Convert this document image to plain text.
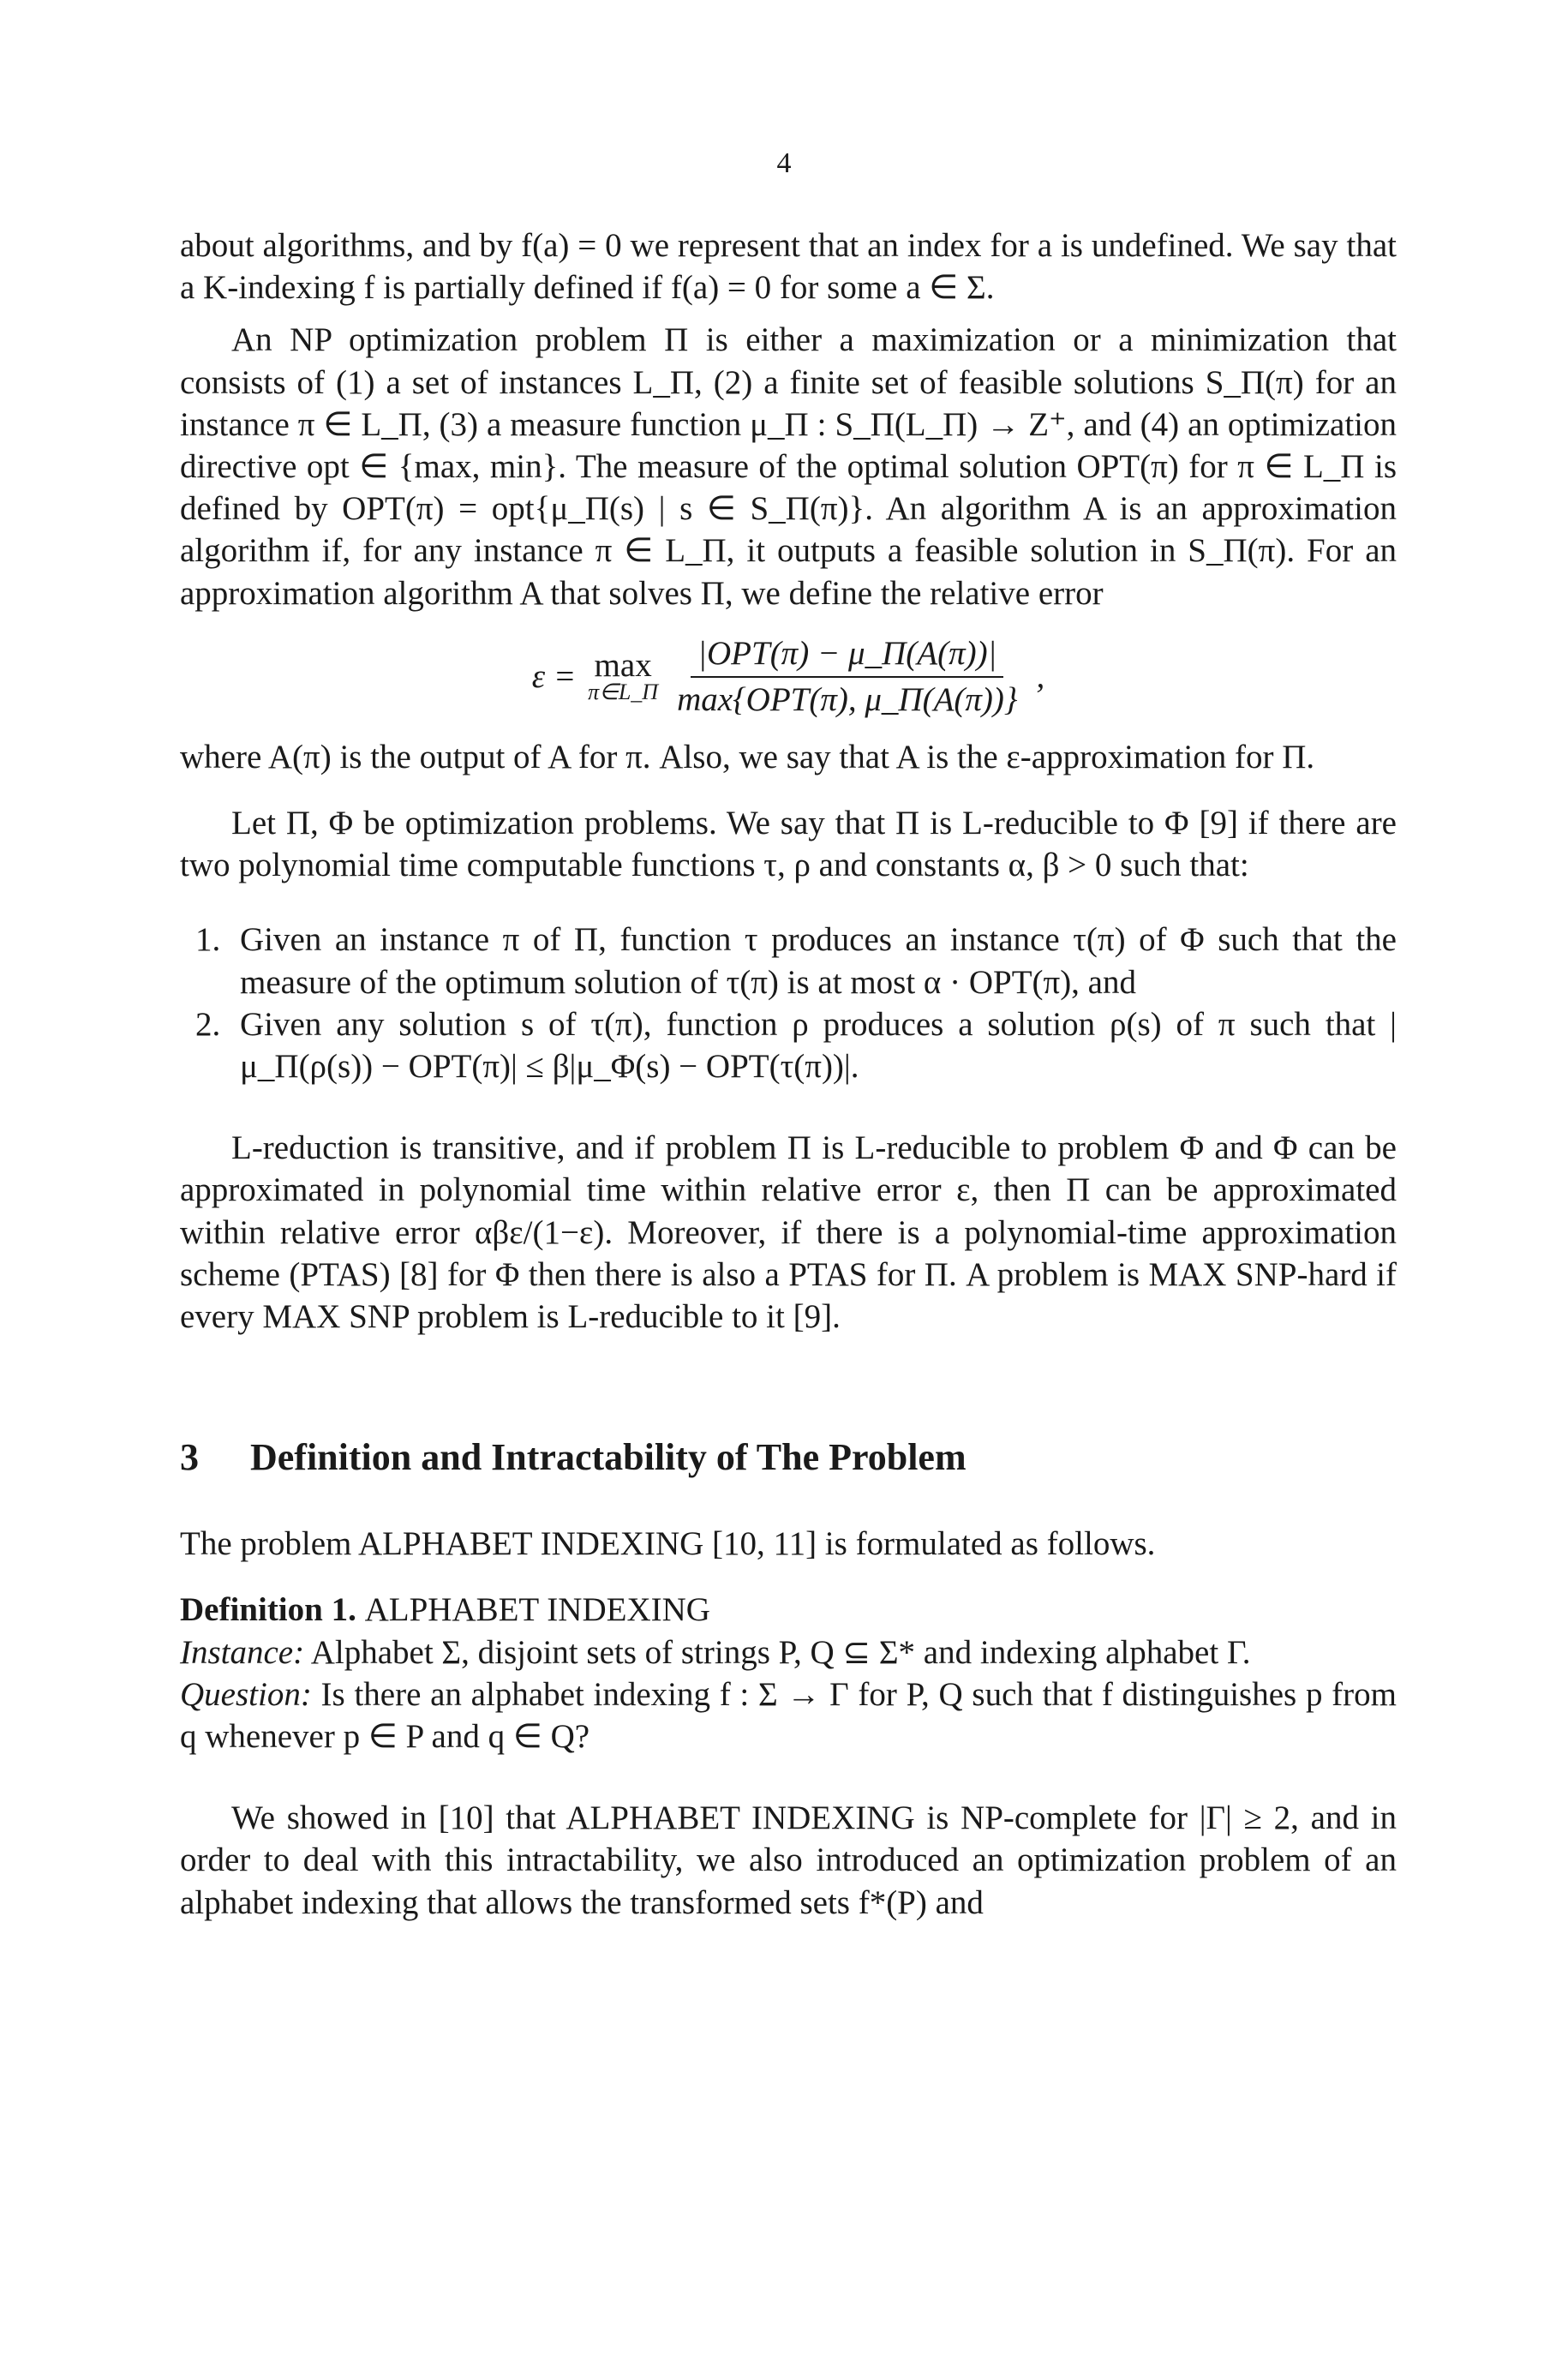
4

about algorithms, and by f(a) = 0 we represent that an index for a is undefined. We say that a K-indexing f is partially defined if f(a) = 0 for some a ∈ Σ.

An NP optimization problem Π is either a maximization or a minimization that consists of (1) a set of instances L_Π, (2) a finite set of feasible solutions S_Π(π) for an instance π ∈ L_Π, (3) a measure function μ_Π : S_Π(L_Π) → Z⁺, and (4) an optimization directive opt ∈ {max, min}. The measure of the optimal solution OPT(π) for π ∈ L_Π is defined by OPT(π) = opt{μ_Π(s) | s ∈ S_Π(π)}. An algorithm A is an approximation algorithm if, for any instance π ∈ L_Π, it outputs a feasible solution in S_Π(π). For an approximation algorithm A that solves Π, we define the relative error

ε = max
π∈L_Π $\frac{\text{|OPT(π) − μ\_Π(A(π))|}}{\text{max\{OPT(π), μ\_Π(A(π))\}}}$ ,

where A(π) is the output of A for π. Also, we say that A is the ε-approximation for Π.

Let Π, Φ be optimization problems. We say that Π is L-reducible to Φ [9] if there are two polynomial time computable functions τ, ρ and constants α, β > 0 such that:

1. Given an instance π of Π, function τ produces an instance τ(π) of Φ such that the measure of the optimum solution of τ(π) is at most α · OPT(π), and
2. Given any solution s of τ(π), function ρ produces a solution ρ(s) of π such that |μ_Π(ρ(s)) − OPT(π)| ≤ β|μ_Φ(s) − OPT(τ(π))|.

L-reduction is transitive, and if problem Π is L-reducible to problem Φ and Φ can be approximated in polynomial time within relative error ε, then Π can be approximated within relative error αβε/(1−ε). Moreover, if there is a polynomial-time approximation scheme (PTAS) [8] for Φ then there is also a PTAS for Π. A problem is MAX SNP-hard if every MAX SNP problem is L-reducible to it [9].

3 Definition and Intractability of The Problem

The problem ALPHABET INDEXING [10, 11] is formulated as follows.

Definition 1. ALPHABET INDEXING

Instance: Alphabet Σ, disjoint sets of strings P, Q ⊆ Σ* and indexing alphabet Γ.

Question: Is there an alphabet indexing f : Σ → Γ for P, Q such that f distinguishes p from q whenever p ∈ P and q ∈ Q?

We showed in [10] that ALPHABET INDEXING is NP-complete for |Γ| ≥ 2, and in order to deal with this intractability, we also introduced an optimization problem of an alphabet indexing that allows the transformed sets f*(P) and
